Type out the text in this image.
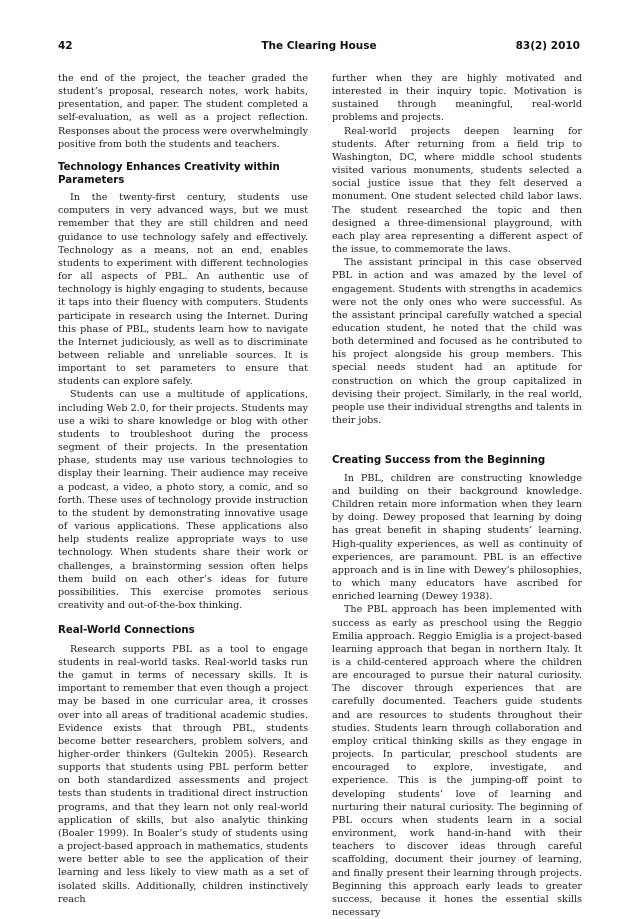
42	The Clearing House	83(2) 2010

the end of the project, the teacher graded the student’s proposal, research notes, work habits, presentation, and paper. The student completed a self-evaluation, as well as a project reflection. Responses about the process were overwhelmingly positive from both the students and teachers.

Technology Enhances Creativity within Parameters

In the twenty-first century, students use computers in very advanced ways, but we must remember that they are still children and need guidance to use technology safely and effectively. Technology as a means, not an end, enables students to experiment with different technologies for all aspects of PBL. An authentic use of technology is highly engaging to students, because it taps into their fluency with computers. Students participate in research using the Internet. During this phase of PBL, students learn how to navigate the Internet judiciously, as well as to discriminate between reliable and unreliable sources. It is important to set parameters to ensure that students can explore safely.

Students can use a multitude of applications, including Web 2.0, for their projects. Students may use a wiki to share knowledge or blog with other students to troubleshoot during the process segment of their projects. In the presentation phase, students may use various technologies to display their learning. Their audience may receive a podcast, a video, a photo story, a comic, and so forth. These uses of technology provide instruction to the student by demonstrating innovative usage of various applications. These applications also help students realize appropriate ways to use technology. When students share their work or challenges, a brainstorming session often helps them build on each other’s ideas for future possibilities. This exercise promotes serious creativity and out-of-the-box thinking.

Real-World Connections

Research supports PBL as a tool to engage students in real-world tasks. Real-world tasks run the gamut in terms of necessary skills. It is important to remember that even though a project may be based in one curricular area, it crosses over into all areas of traditional academic studies. Evidence exists that through PBL, students become better researchers, problem solvers, and higher-order thinkers (Gultekin 2005). Research supports that students using PBL perform better on both standardized assessments and project tests than students in traditional direct instruction programs, and that they learn not only real-world application of skills, but also analytic thinking (Boaler 1999). In Boaler’s study of students using a project-based approach in mathematics, students were better able to see the application of their learning and less likely to view math as a set of isolated skills. Additionally, children instinctively reach

further when they are highly motivated and interested in their inquiry topic. Motivation is sustained through meaningful, real-world problems and projects.

Real-world projects deepen learning for students. After returning from a field trip to Washington, DC, where middle school students visited various monuments, students selected a social justice issue that they felt deserved a monument. One student selected child labor laws. The student researched the topic and then designed a three-dimensional playground, with each play area representing a different aspect of the issue, to commemorate the laws.

The assistant principal in this case observed PBL in action and was amazed by the level of engagement. Students with strengths in academics were not the only ones who were successful. As the assistant principal carefully watched a special education student, he noted that the child was both determined and focused as he contributed to his project alongside his group members. This special needs student had an aptitude for construction on which the group capitalized in devising their project. Similarly, in the real world, people use their individual strengths and talents in their jobs.

Creating Success from the Beginning

In PBL, children are constructing knowledge and building on their background knowledge. Children retain more information when they learn by doing. Dewey proposed that learning by doing has great benefit in shaping students’ learning. High-quality experiences, as well as continuity of experiences, are paramount. PBL is an effective approach and is in line with Dewey’s philosophies, to which many educators have ascribed for enriched learning (Dewey 1938).

The PBL approach has been implemented with success as early as preschool using the Reggio Emilia approach. Reggio Emiglia is a project-based learning approach that began in northern Italy. It is a child-centered approach where the children are encouraged to pursue their natural curiosity. The discover through experiences that are carefully documented. Teachers guide students and are resources to students throughout their studies. Students learn through collaboration and employ critical thinking skills as they engage in projects. In particular, preschool students are encouraged to explore, investigate, and experience. This is the jumping-off point to developing students’ love of learning and nurturing their natural curiosity. The beginning of PBL occurs when students learn in a social environment, work hand-in-hand with their teachers to discover ideas through careful scaffolding, document their journey of learning, and finally present their learning through projects. Beginning this approach early leads to greater success, because it hones the essential skills necessary
